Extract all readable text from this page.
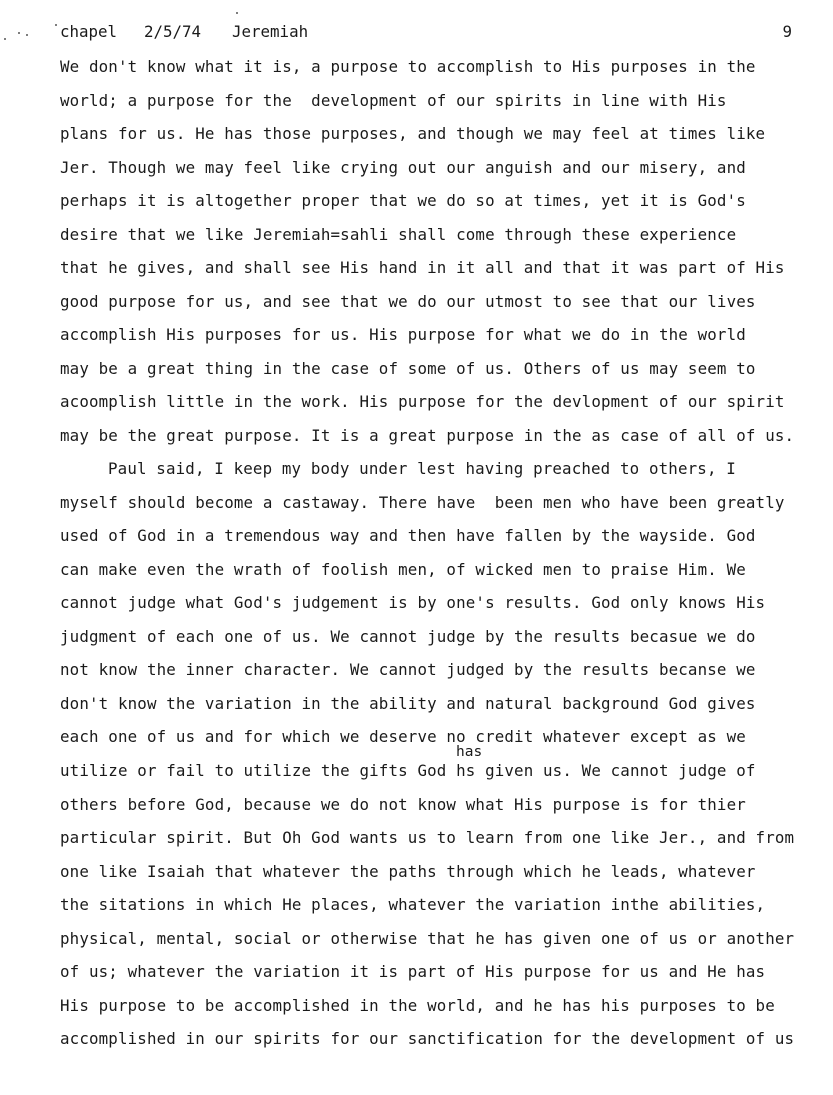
chapel

2/5/74

Jeremiah

	9

We don't know what it is, a purpose to accomplish to His purposes in the
world; a purpose for the  development of our spirits in line with His
plans for us. He has those purposes, and though we may feel at times like
Jer. Though we may feel like crying out our anguish and our misery, and
perhaps it is altogether proper that we do so at times, yet it is God's
desire that we like Jeremiah=sahli shall come through these experience
that he gives, and shall see His hand in it all and that it was part of His
good purpose for us, and see that we do our utmost to see that our lives
accomplish His purposes for us. His purpose for what we do in the world
may be a great thing in the case of some of us. Others of us may seem to
acoomplish little in the work. His purpose for the devlopment of our spirit
may be the great purpose. It is a great purpose in the as case of all of us.
Paul said, I keep my body under lest having preached to others, I
myself should become a castaway. There have  been men who have been greatly
used of God in a tremendous way and then have fallen by the wayside. God
can make even the wrath of foolish men, of wicked men to praise Him. We
cannot judge what God's judgement is by one's results. God only knows His
judgment of each one of us. We cannot judge by the results becasue we do
not know the inner character. We cannot judged by the results becanse we
don't know the variation in the ability and natural background God gives
each one of us and for which we deserve no credit whatever except as we
has
utilize or fail to utilize the gifts God hs given us. We cannot judge of
others before God, because we do not know what His purpose is for thier
particular spirit. But Oh God wants us to learn from one like Jer., and from
one like Isaiah that whatever the paths through which he leads, whatever
the sitations in which He places, whatever the variation inthe abilities,
physical, mental, social or otherwise that he has given one of us or another
of us; whatever the variation it is part of His purpose for us and He has
His purpose to be accomplished in the world, and he has his purposes to be
accomplished in our spirits for our sanctification for the development of us
